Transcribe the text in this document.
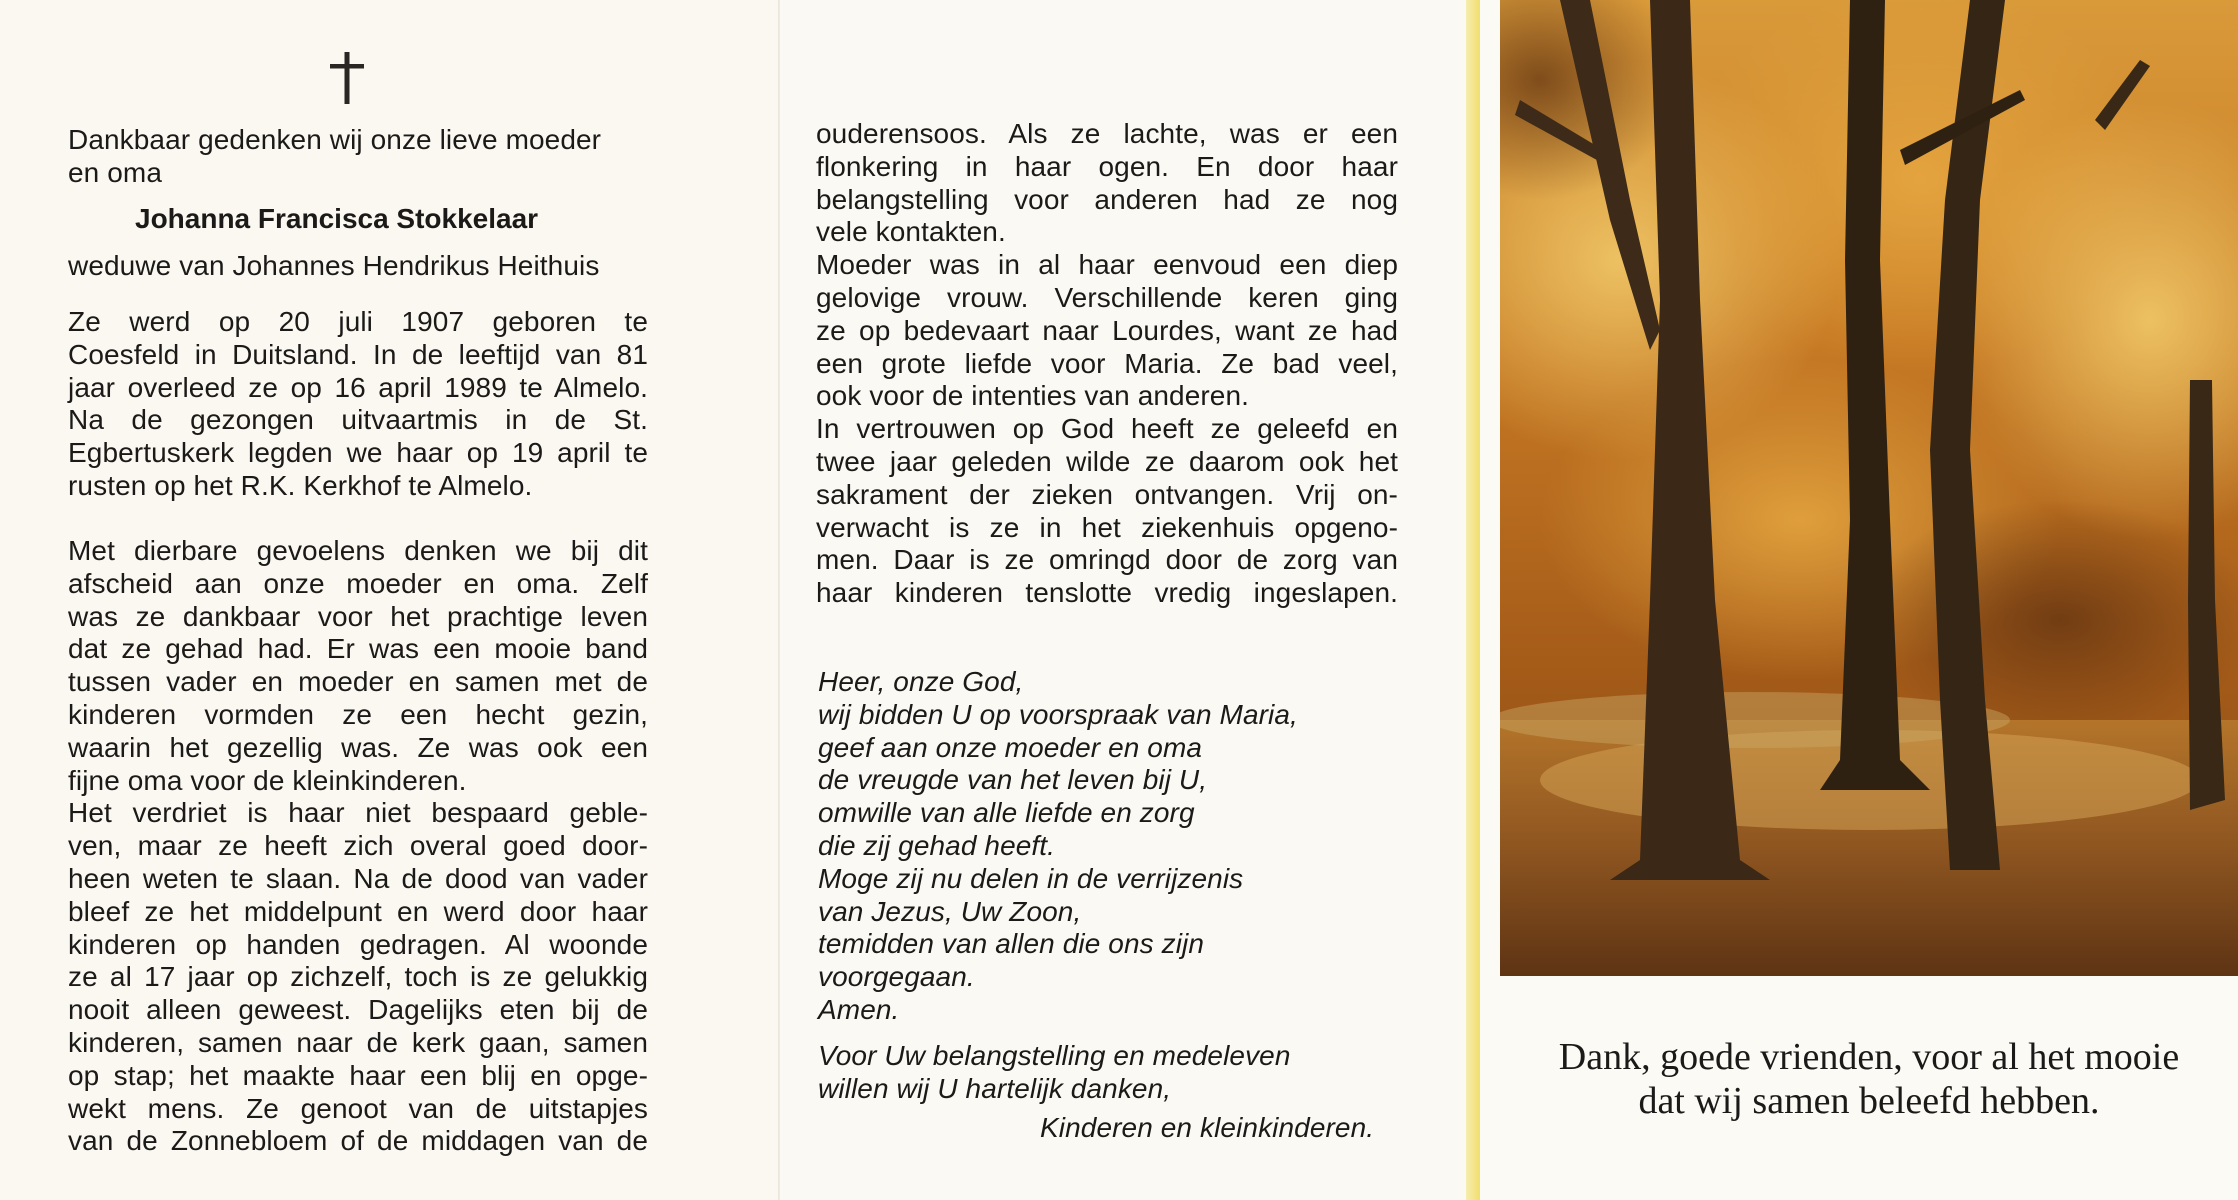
Dankbaar gedenken wij onze lieve moeder
en oma
Johanna Francisca Stokkelaar
weduwe van Johannes Hendrikus Heithuis
Ze werd op 20 juli 1907 geboren te
Coesfeld in Duitsland. In de leeftijd van 81
jaar overleed ze op 16 april 1989 te Almelo.
Na de gezongen uitvaartmis in de St.
Egbertuskerk legden we haar op 19 april te
rusten op het R.K. Kerkhof te Almelo.
Met dierbare gevoelens denken we bij dit
afscheid aan onze moeder en oma. Zelf
was ze dankbaar voor het prachtige leven
dat ze gehad had. Er was een mooie band
tussen vader en moeder en samen met de
kinderen vormden ze een hecht gezin,
waarin het gezellig was. Ze was ook een
fijne oma voor de kleinkinderen.
Het verdriet is haar niet bespaard geble-
ven, maar ze heeft zich overal goed door-
heen weten te slaan. Na de dood van vader
bleef ze het middelpunt en werd door haar
kinderen op handen gedragen. Al woonde
ze al 17 jaar op zichzelf, toch is ze gelukkig
nooit alleen geweest. Dagelijks eten bij de
kinderen, samen naar de kerk gaan, samen
op stap; het maakte haar een blij en opge-
wekt mens. Ze genoot van de uitstapjes
van de Zonnebloem of de middagen van de
ouderensoos. Als ze lachte, was er een
flonkering in haar ogen. En door haar
belangstelling voor anderen had ze nog
vele kontakten.
Moeder was in al haar eenvoud een diep
gelovige vrouw. Verschillende keren ging
ze op bedevaart naar Lourdes, want ze had
een grote liefde voor Maria. Ze bad veel,
ook voor de intenties van anderen.
In vertrouwen op God heeft ze geleefd en
twee jaar geleden wilde ze daarom ook het
sakrament der zieken ontvangen. Vrij on-
verwacht is ze in het ziekenhuis opgeno-
men. Daar is ze omringd door de zorg van
haar kinderen tenslotte vredig ingeslapen.
Heer, onze God,
wij bidden U op voorspraak van Maria,
geef aan onze moeder en oma
de vreugde van het leven bij U,
omwille van alle liefde en zorg
die zij gehad heeft.
Moge zij nu delen in de verrijzenis
van Jezus, Uw Zoon,
temidden van allen die ons zijn
voorgegaan.
Amen.
Voor Uw belangstelling en medeleven
willen wij U hartelijk danken,
Kinderen en kleinkinderen.
Dank, goede vrienden, voor al het mooie
dat wij samen beleefd hebben.
